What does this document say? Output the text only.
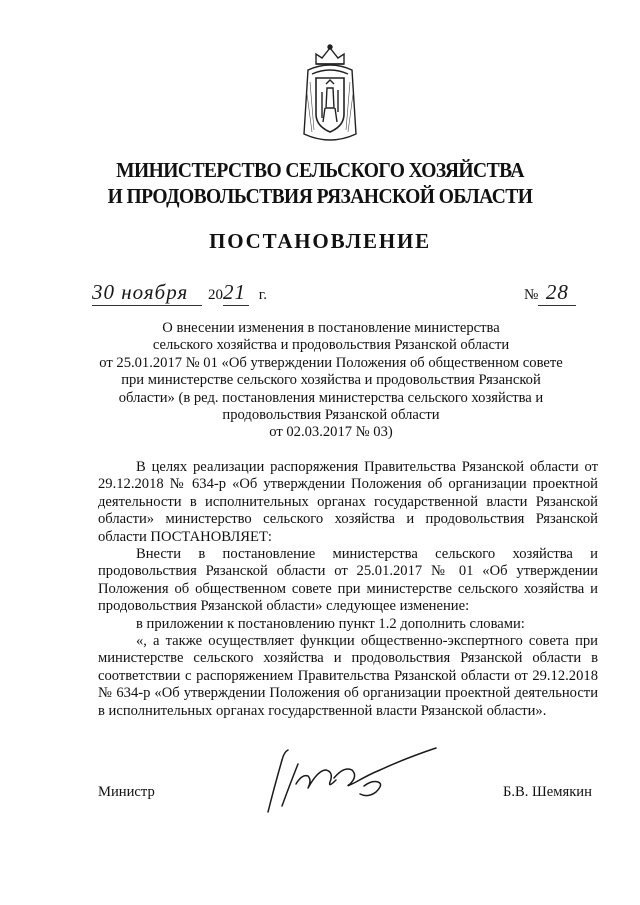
МИНИСТЕРСТВО СЕЛЬСКОГО ХОЗЯЙСТВА
И ПРОДОВОЛЬСТВИЯ РЯЗАНСКОЙ ОБЛАСТИ
ПОСТАНОВЛЕНИЕ
30 ноября 2021 г.	№ 28
О внесении изменения в постановление министерства
сельского хозяйства и продовольствия Рязанской области
от 25.01.2017 № 01 «Об утверждении Положения об общественном совете
при министерстве сельского хозяйства и продовольствия Рязанской
области» (в ред. постановления министерства сельского хозяйства и
продовольствия Рязанской области
от 02.03.2017 № 03)

В целях реализации распоряжения Правительства Рязанской области от 29.12.2018 № 634-р «Об утверждении Положения об организации проектной деятельности в исполнительных органах государственной власти Рязанской области» министерство сельского хозяйства и продовольствия Рязанской области ПОСТАНОВЛЯЕТ:

Внести в постановление министерства сельского хозяйства и продовольствия Рязанской области от 25.01.2017 № 01 «Об утверждении Положения об общественном совете при министерстве сельского хозяйства и продовольствия Рязанской области» следующее изменение:

в приложении к постановлению пункт 1.2 дополнить словами:

«, а также осуществляет функции общественно-экспертного совета при министерстве сельского хозяйства и продовольствия Рязанской области в соответствии с распоряжением Правительства Рязанской области от 29.12.2018 № 634-р «Об утверждении Положения об организации проектной деятельности в исполнительных органах государственной власти Рязанской области».

Министр	Б.В. Шемякин
